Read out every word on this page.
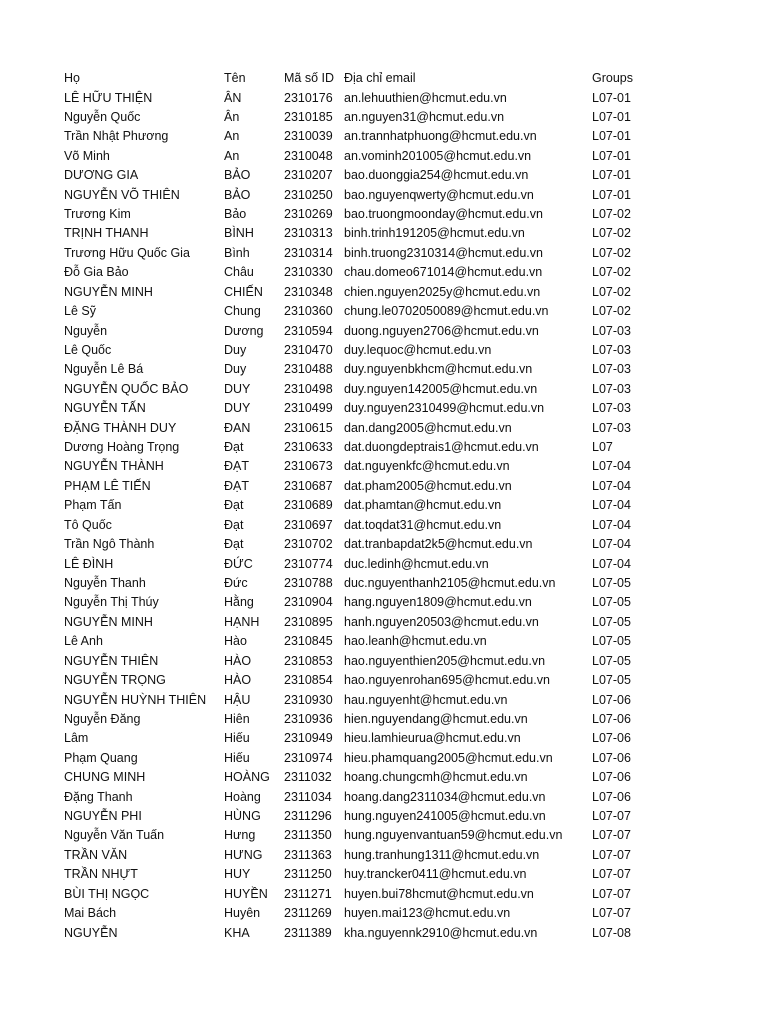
Họ	Tên	Mã số ID Địa chỉ email	Groups
LÊ HỮU THIỆN	ÂN	2310176 an.lehuuthien@hcmut.edu.vn	L07-01
Nguyễn Quốc	Ân	2310185 an.nguyen31@hcmut.edu.vn	L07-01
Trần Nhật Phương	An	2310039 an.trannhatphuong@hcmut.edu.vn	L07-01
Võ Minh	An	2310048 an.vominh201005@hcmut.edu.vn	L07-01
DƯƠNG GIA	BẢO	2310207 bao.duonggia254@hcmut.edu.vn	L07-01
NGUYỄN VÕ THIÊN	BẢO	2310250 bao.nguyenqwerty@hcmut.edu.vn	L07-01
Trương Kim	Bảo	2310269 bao.truongmoonday@hcmut.edu.vn	L07-02
TRỊNH THANH	BÌNH	2310313 binh.trinh191205@hcmut.edu.vn	L07-02
Trương Hữu Quốc Gia	Bình	2310314 binh.truong2310314@hcmut.edu.vn	L07-02
Đỗ Gia Bảo	Châu	2310330 chau.domeo671014@hcmut.edu.vn	L07-02
NGUYỄN MINH	CHIẾN	2310348 chien.nguyen2025y@hcmut.edu.vn	L07-02
Lê Sỹ	Chung	2310360 chung.le0702050089@hcmut.edu.vn	L07-02
Nguyễn	Dương	2310594 duong.nguyen2706@hcmut.edu.vn	L07-03
Lê Quốc	Duy	2310470 duy.lequoc@hcmut.edu.vn	L07-03
Nguyễn Lê Bá	Duy	2310488 duy.nguyenbkhcm@hcmut.edu.vn	L07-03
NGUYỄN QUỐC BẢO	DUY	2310498 duy.nguyen142005@hcmut.edu.vn	L07-03
NGUYỄN TẤN	DUY	2310499 duy.nguyen2310499@hcmut.edu.vn	L07-03
ĐẶNG THÀNH DUY	ĐAN	2310615 dan.dang2005@hcmut.edu.vn	L07-03
Dương Hoàng Trọng	Đạt	2310633 dat.duongdeptrais1@hcmut.edu.vn	L07
NGUYỄN THÀNH	ĐẠT	2310673 dat.nguyenkfc@hcmut.edu.vn	L07-04
PHẠM LÊ TIẾN	ĐẠT	2310687 dat.pham2005@hcmut.edu.vn	L07-04
Phạm Tấn	Đạt	2310689 dat.phamtan@hcmut.edu.vn	L07-04
Tô Quốc	Đạt	2310697 dat.toqdat31@hcmut.edu.vn	L07-04
Trần Ngô Thành	Đạt	2310702 dat.tranbapdat2k5@hcmut.edu.vn	L07-04
LÊ ĐÌNH	ĐỨC	2310774 duc.ledinh@hcmut.edu.vn	L07-04
Nguyễn Thanh	Đức	2310788 duc.nguyenthanh2105@hcmut.edu.vn	L07-05
Nguyễn Thị Thúy	Hằng	2310904 hang.nguyen1809@hcmut.edu.vn	L07-05
NGUYỄN MINH	HẠNH	2310895 hanh.nguyen20503@hcmut.edu.vn	L07-05
Lê Anh	Hào	2310845 hao.leanh@hcmut.edu.vn	L07-05
NGUYỄN THIÊN	HÀO	2310853 hao.nguyenthien205@hcmut.edu.vn	L07-05
NGUYỄN TRỌNG	HÀO	2310854 hao.nguyenrohan695@hcmut.edu.vn	L07-05
NGUYỄN HUỲNH THIÊN	HẬU	2310930 hau.nguyenht@hcmut.edu.vn	L07-06
Nguyễn Đăng	Hiên	2310936 hien.nguyendang@hcmut.edu.vn	L07-06
Lâm	Hiếu	2310949 hieu.lamhieurua@hcmut.edu.vn	L07-06
Phạm Quang	Hiếu	2310974 hieu.phamquang2005@hcmut.edu.vn	L07-06
CHUNG MINH	HOÀNG	2311032 hoang.chungcmh@hcmut.edu.vn	L07-06
Đặng Thanh	Hoàng	2311034 hoang.dang2311034@hcmut.edu.vn	L07-06
NGUYỄN PHI	HÙNG	2311296 hung.nguyen241005@hcmut.edu.vn	L07-07
Nguyễn Văn Tuấn	Hưng	2311350 hung.nguyenvantuan59@hcmut.edu.vn	L07-07
TRẦN VĂN	HƯNG	2311363 hung.tranhung1311@hcmut.edu.vn	L07-07
TRẦN NHỰT	HUY	2311250 huy.trancker0411@hcmut.edu.vn	L07-07
BÙI THỊ NGỌC	HUYỀN	2311271 huyen.bui78hcmut@hcmut.edu.vn	L07-07
Mai Bách	Huyên	2311269 huyen.mai123@hcmut.edu.vn	L07-07
NGUYỄN	KHA	2311389 kha.nguyennk2910@hcmut.edu.vn	L07-08
